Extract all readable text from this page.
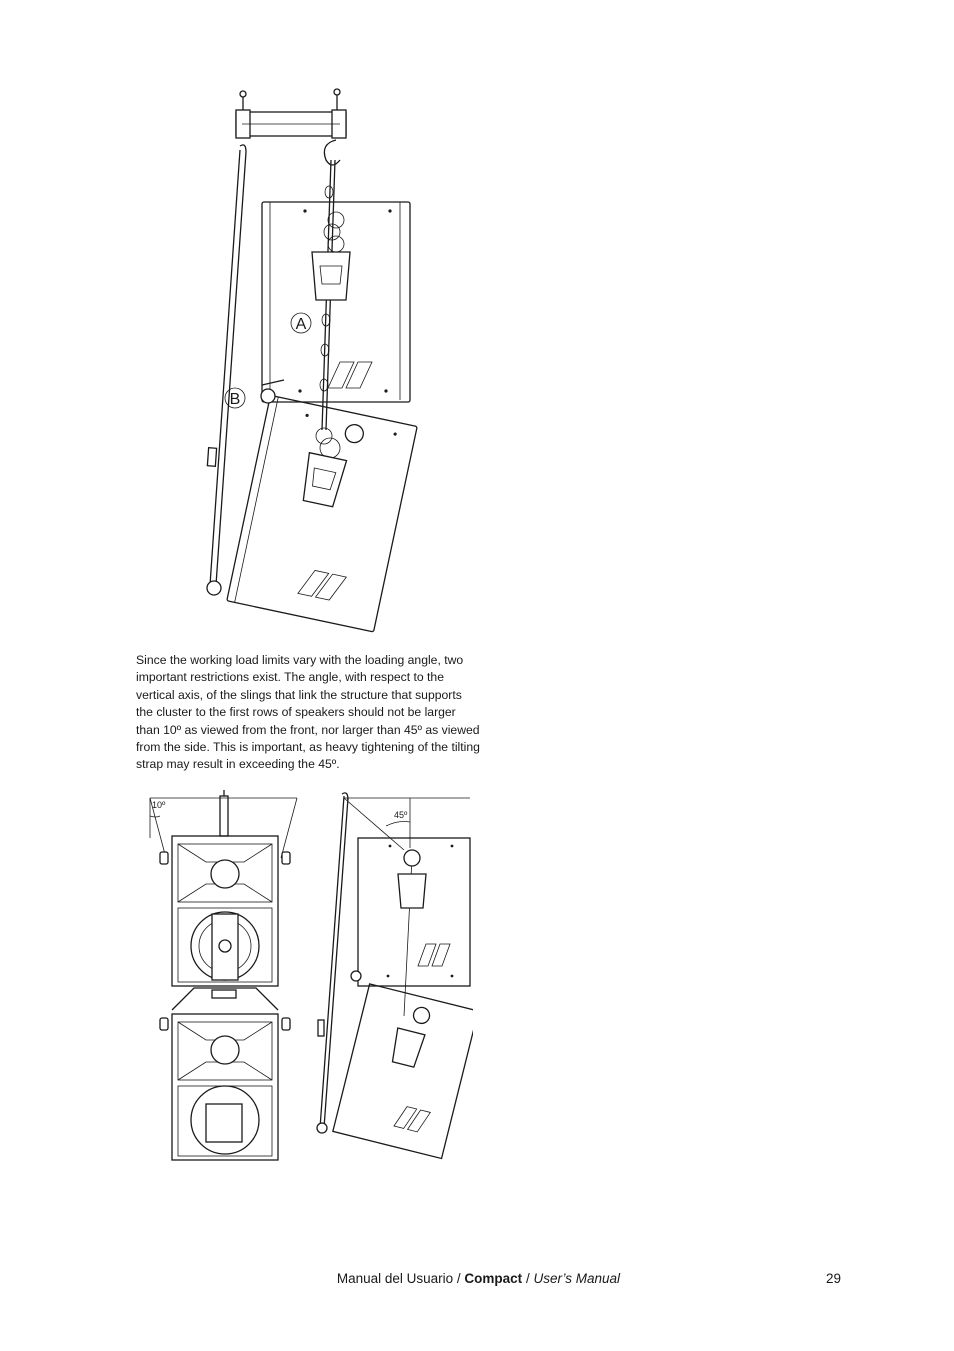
A
B

Since the working load limits vary with the loading angle, two important restrictions exist. The angle, with respect to the vertical axis, of the slings that link the structure that supports the cluster to the first rows of speakers should not be larger than 10º as viewed from the front, nor larger than 45º as viewed from the side. This is important, as heavy tightening of the tilting strap may result in exceeding the 45º.

10º
45º
Manual del Usuario / Compact / User’s Manual	29
